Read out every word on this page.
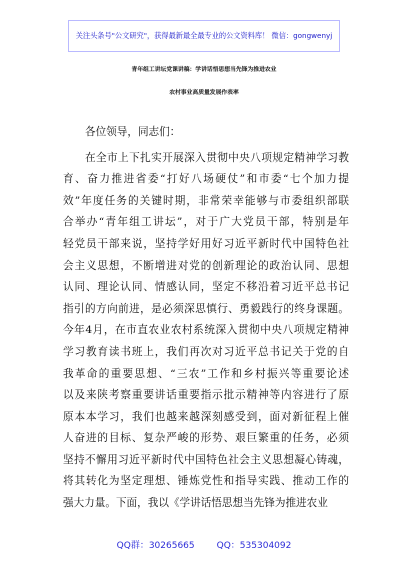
关注头条号"公文研究"，获得最新最全最专业的公文资料库！ 微信：gongwenyj
青年组工讲坛党课讲稿：学讲话悟思想当先锋为推进农业
农村事业高质量发展作表率
各位领导，同志们：
在全市上下扎实开展深入贯彻中央八项规定精神学习教
育、奋力推进省委“打好八场硬仗”和市委“七个加力提
效”年度任务的关键时期，非常荣幸能够与市委组织部联
合举办“青年组工讲坛”，对于广大党员干部，特别是年
轻党员干部来说，坚持学好用好习近平新时代中国特色社
会主义思想，不断增进对党的创新理论的政治认同、思想
认同、理论认同、情感认同，坚定不移沿着习近平总书记
指引的方向前进，是必须深思慎行、勇毅践行的终身课题。
今年4月，在市直农业农村系统深入贯彻中央八项规定精神
学习教育读书班上，我们再次对习近平总书记关于党的自
我革命的重要思想、“三农”工作和乡村振兴等重要论述
以及来陕考察重要讲话重要指示批示精神等内容进行了原
原本本学习，我们也越来越深刻感受到，面对新征程上催
人奋进的目标、复杂严峻的形势、艰巨繁重的任务，必须
坚持不懈用习近平新时代中国特色社会主义思想凝心铸魂，
将其转化为坚定理想、锤炼党性和指导实践、推动工作的
强大力量。下面，我以《学讲话悟思想当先锋为推进农业
QQ群：30265665 QQ：535304092
